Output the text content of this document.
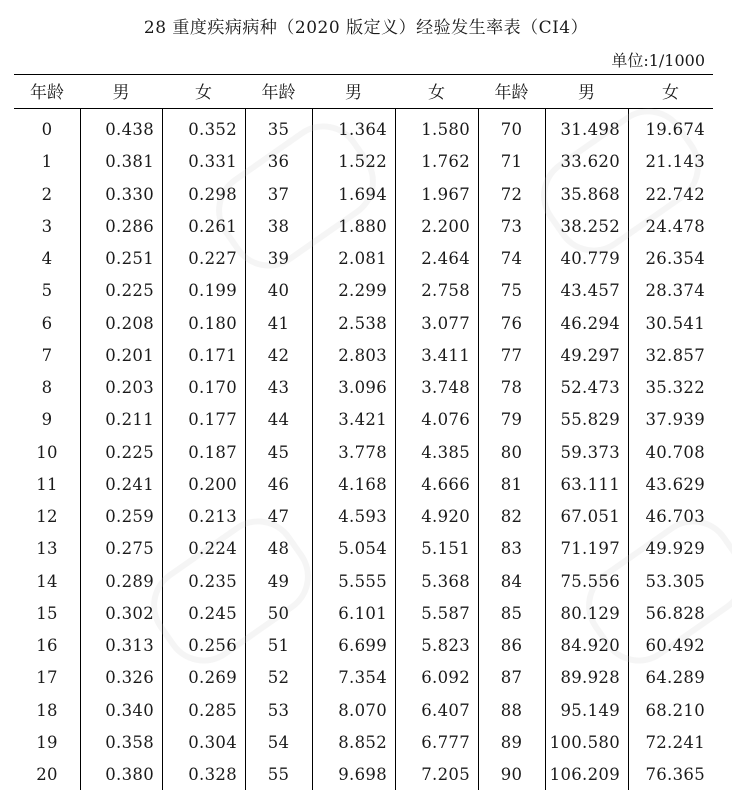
28 重度疾病病种（2020 版定义）经验发生率表（CI4）
单位:1/1000
年龄	男	女	年龄	男	女	年龄	男	女
0	0.438	0.352	35	1.364	1.580	70	31.498	19.674
1	0.381	0.331	36	1.522	1.762	71	33.620	21.143
2	0.330	0.298	37	1.694	1.967	72	35.868	22.742
3	0.286	0.261	38	1.880	2.200	73	38.252	24.478
4	0.251	0.227	39	2.081	2.464	74	40.779	26.354
5	0.225	0.199	40	2.299	2.758	75	43.457	28.374
6	0.208	0.180	41	2.538	3.077	76	46.294	30.541
7	0.201	0.171	42	2.803	3.411	77	49.297	32.857
8	0.203	0.170	43	3.096	3.748	78	52.473	35.322
9	0.211	0.177	44	3.421	4.076	79	55.829	37.939
10	0.225	0.187	45	3.778	4.385	80	59.373	40.708
11	0.241	0.200	46	4.168	4.666	81	63.111	43.629
12	0.259	0.213	47	4.593	4.920	82	67.051	46.703
13	0.275	0.224	48	5.054	5.151	83	71.197	49.929
14	0.289	0.235	49	5.555	5.368	84	75.556	53.305
15	0.302	0.245	50	6.101	5.587	85	80.129	56.828
16	0.313	0.256	51	6.699	5.823	86	84.920	60.492
17	0.326	0.269	52	7.354	6.092	87	89.928	64.289
18	0.340	0.285	53	8.070	6.407	88	95.149	68.210
19	0.358	0.304	54	8.852	6.777	89	100.580	72.241
20	0.380	0.328	55	9.698	7.205	90	106.209	76.365
